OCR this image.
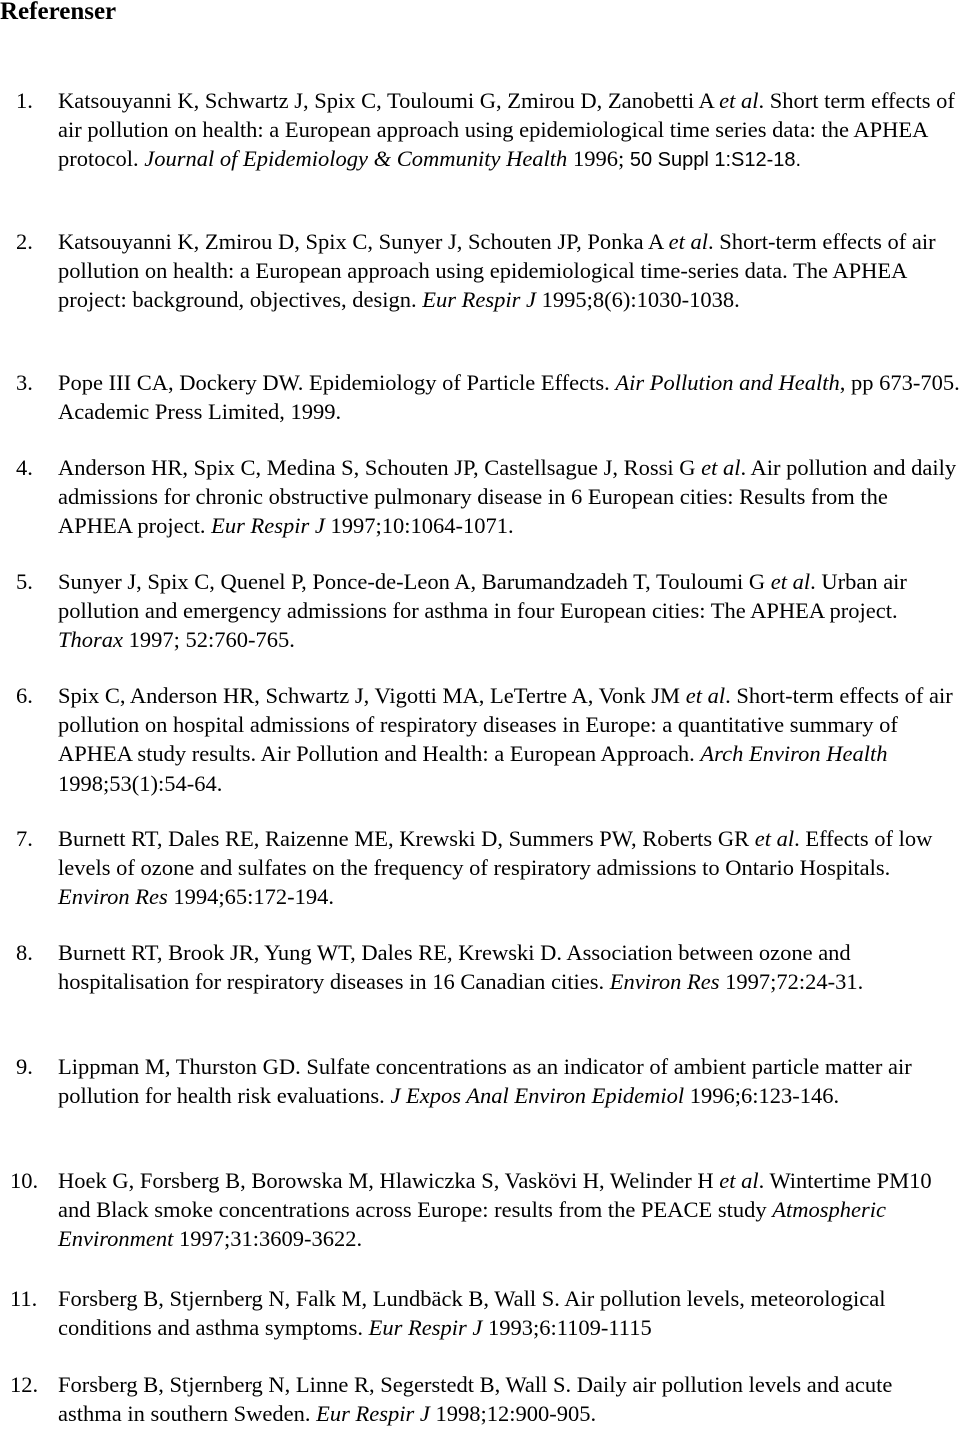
Referenser
1.	Katsouyanni K, Schwartz J, Spix C, Touloumi G, Zmirou D, Zanobetti A et al. Short term effects of air pollution on health: a European approach using epidemiological time series data: the APHEA protocol. Journal of Epidemiology & Community Health 1996; 50 Suppl 1:S12-18.
2.	Katsouyanni K, Zmirou D, Spix C, Sunyer J, Schouten JP, Ponka A et al. Short-term effects of air pollution on health: a European approach using epidemiological time-series data. The APHEA project: background, objectives, design. Eur Respir J 1995;8(6):1030-1038.
3.	Pope III CA, Dockery DW. Epidemiology of Particle Effects. Air Pollution and Health, pp 673-705. Academic Press Limited, 1999.
4.	Anderson HR, Spix C, Medina S, Schouten JP, Castellsague J, Rossi G et al. Air pollution and daily admissions for chronic obstructive pulmonary disease in 6 European cities: Results from the APHEA project. Eur Respir J 1997;10:1064-1071.
5.	Sunyer J, Spix C, Quenel P, Ponce-de-Leon A, Barumandzadeh T, Touloumi G et al. Urban air pollution and emergency admissions for asthma in four European cities: The APHEA project. Thorax 1997; 52:760-765.
6.	Spix C, Anderson HR, Schwartz J, Vigotti MA, LeTertre A, Vonk JM et al. Short-term effects of air pollution on hospital admissions of respiratory diseases in Europe: a quantitative summary of APHEA study results. Air Pollution and Health: a European Approach. Arch Environ Health 1998;53(1):54-64.
7.	Burnett RT, Dales RE, Raizenne ME, Krewski D, Summers PW, Roberts GR et al. Effects of low levels of ozone and sulfates on the frequency of respiratory admissions to Ontario Hospitals. Environ Res 1994;65:172-194.
8.	Burnett RT, Brook JR, Yung WT, Dales RE, Krewski D. Association between ozone and hospitalisation for respiratory diseases in 16 Canadian cities. Environ Res 1997;72:24-31.
9.	Lippman M, Thurston GD. Sulfate concentrations as an indicator of ambient particle matter air pollution for health risk evaluations. J Expos Anal Environ Epidemiol 1996;6:123-146.
10. Hoek G, Forsberg B, Borowska M, Hlawiczka S, Vaskövi H, Welinder H et al. Wintertime PM10 and Black smoke concentrations across Europe: results from the PEACE study Atmospheric Environment 1997;31:3609-3622.
11. Forsberg B, Stjernberg N, Falk M, Lundbäck B, Wall S. Air pollution levels, meteorological conditions and asthma symptoms. Eur Respir J 1993;6:1109-1115
12. Forsberg B, Stjernberg N, Linne R, Segerstedt B, Wall S. Daily air pollution levels and acute asthma in southern Sweden. Eur Respir J 1998;12:900-905.
